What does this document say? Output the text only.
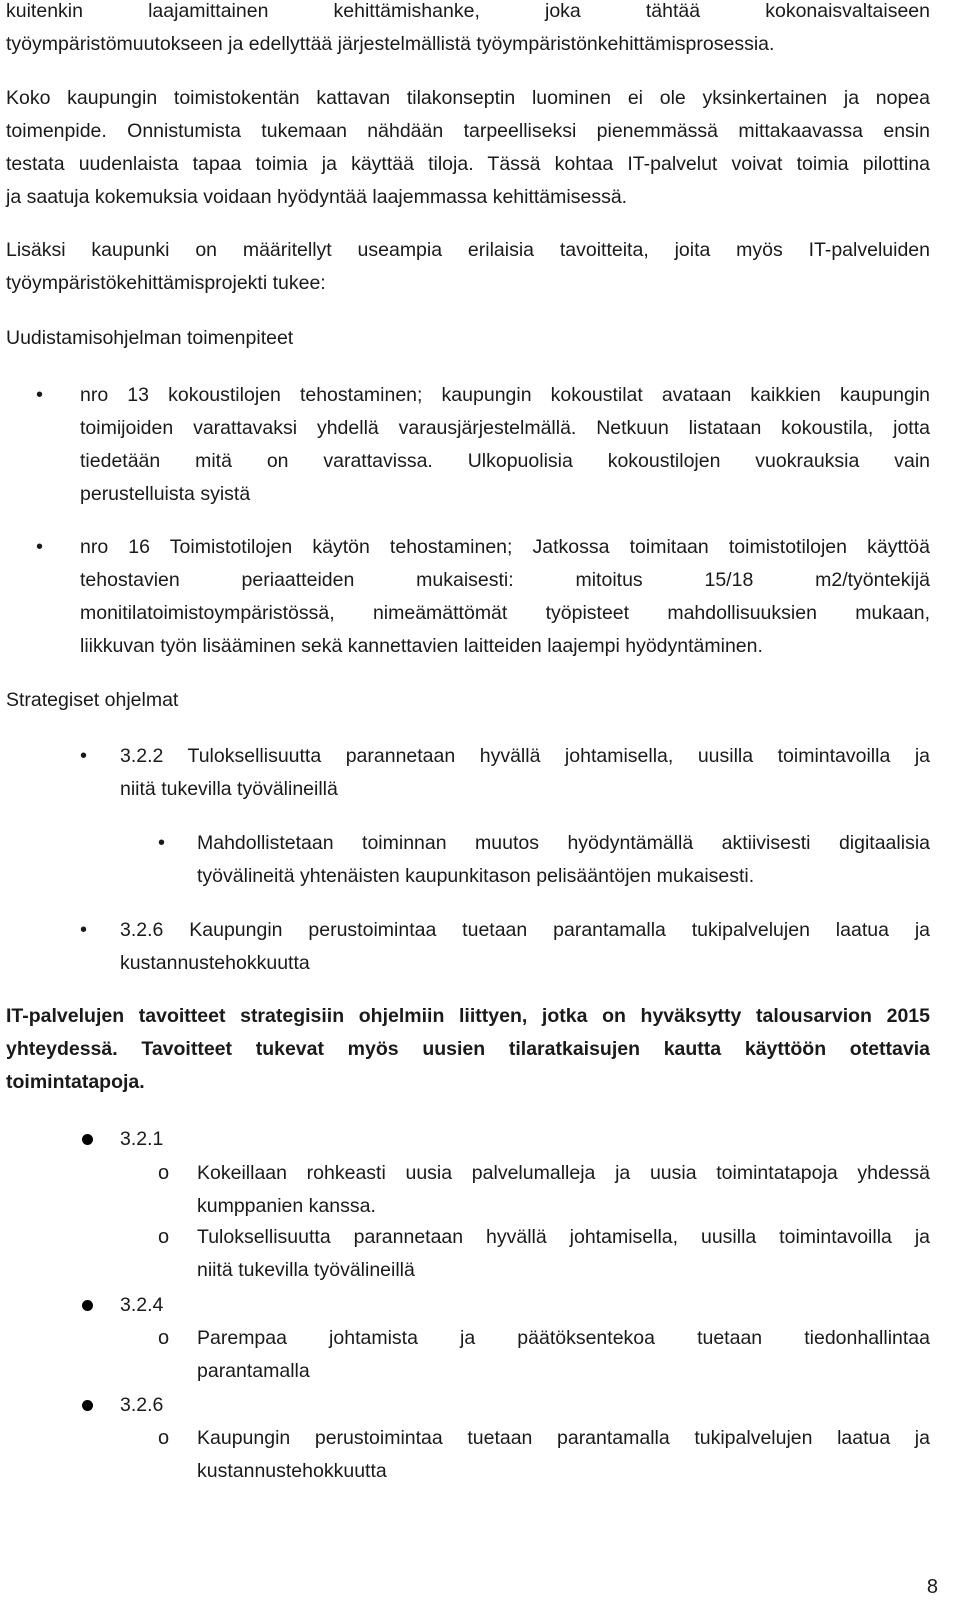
kuitenkin laajamittainen kehittämishanke, joka tähtää kokonaisvaltaiseen
työympäristömuutokseen ja edellyttää järjestelmällistä työympäristönkehittämisprosessia.
Koko kaupungin toimistokentän kattavan tilakonseptin luominen ei ole yksinkertainen ja nopea
toimenpide. Onnistumista tukemaan nähdään tarpeelliseksi pienemmässä mittakaavassa ensin
testata uudenlaista tapaa toimia ja käyttää tiloja. Tässä kohtaa IT-palvelut voivat toimia pilottina
ja saatuja kokemuksia voidaan hyödyntää laajemmassa kehittämisessä.
Lisäksi kaupunki on määritellyt useampia erilaisia tavoitteita, joita myös IT-palveluiden
työympäristökehittämisprojekti tukee:
Uudistamisohjelman toimenpiteet
• nro 13 kokoustilojen tehostaminen; kaupungin kokoustilat avataan kaikkien kaupungin
toimijoiden varattavaksi yhdellä varausjärjestelmällä. Netkuun listataan kokoustila, jotta
tiedetään mitä on varattavissa. Ulkopuolisia kokoustilojen vuokrauksia vain
perustelluista syistä
• nro 16 Toimistotilojen käytön tehostaminen; Jatkossa toimitaan toimistotilojen käyttöä
tehostavien periaatteiden mukaisesti: mitoitus 15/18 m2/työntekijä
monitilatoimistoympäristössä, nimeämättömät työpisteet mahdollisuuksien mukaan,
liikkuvan työn lisääminen sekä kannettavien laitteiden laajempi hyödyntäminen.
Strategiset ohjelmat
• 3.2.2 Tuloksellisuutta parannetaan hyvällä johtamisella, uusilla toimintavoilla ja
niitä tukevilla työvälineillä
• Mahdollistetaan toiminnan muutos hyödyntämällä aktiivisesti digitaalisia
työvälineitä yhtenäisten kaupunkitason pelisääntöjen mukaisesti.
• 3.2.6 Kaupungin perustoimintaa tuetaan parantamalla tukipalvelujen laatua ja
kustannustehokkuutta
IT-palvelujen tavoitteet strategisiin ohjelmiin liittyen, jotka on hyväksytty talousarvion 2015
yhteydessä. Tavoitteet tukevat myös uusien tilaratkaisujen kautta käyttöön otettavia
toimintatapoja.
3.2.1
o Kokeillaan rohkeasti uusia palvelumalleja ja uusia toimintatapoja yhdessä
kumppanien kanssa.
o Tuloksellisuutta parannetaan hyvällä johtamisella, uusilla toimintavoilla ja
niitä tukevilla työvälineillä
3.2.4
o Parempaa johtamista ja päätöksentekoa tuetaan tiedonhallintaa
parantamalla
3.2.6
o Kaupungin perustoimintaa tuetaan parantamalla tukipalvelujen laatua ja
kustannustehokkuutta
8
